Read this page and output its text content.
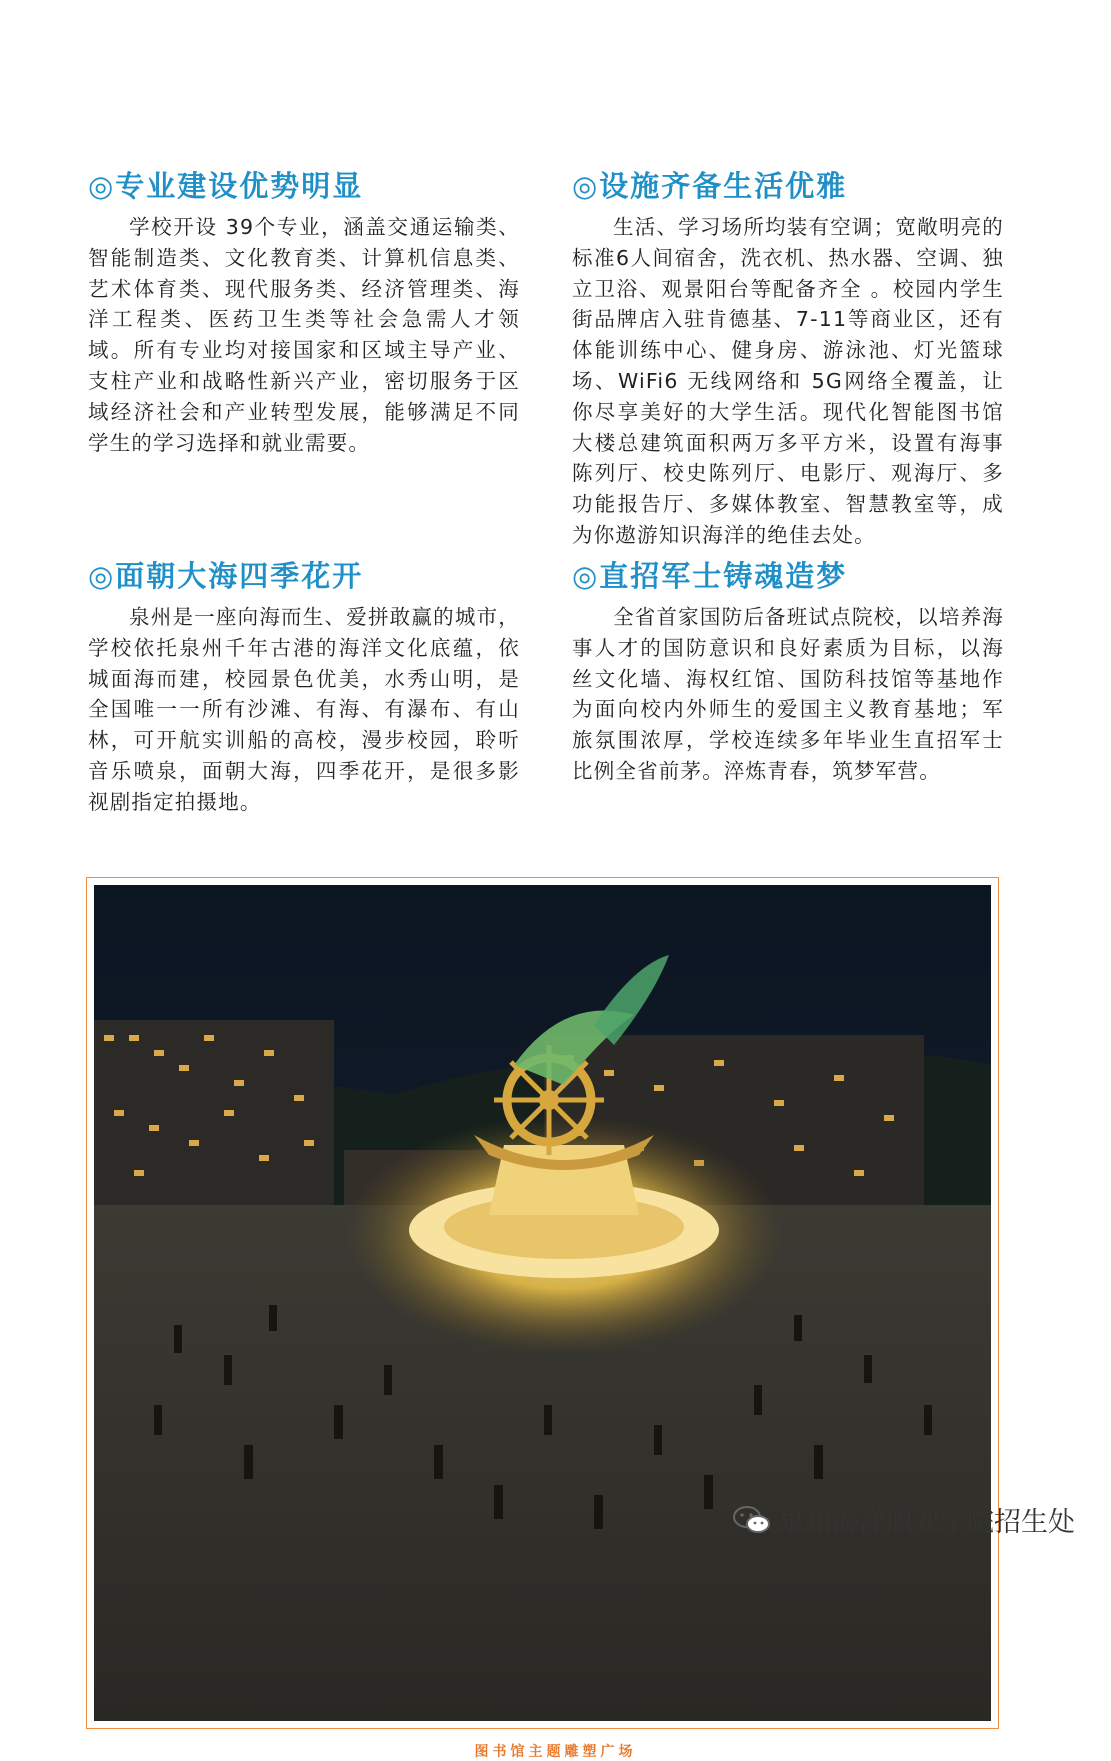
◎专业建设优势明显

学校开设 39个专业，涵盖交通运输类、智能制造类、文化教育类、计算机信息类、艺术体育类、现代服务类、经济管理类、海洋工程类、医药卫生类等社会急需人才领域。所有专业均对接国家和区域主导产业、支柱产业和战略性新兴产业，密切服务于区域经济社会和产业转型发展，能够满足不同学生的学习选择和就业需要。

◎面朝大海四季花开

泉州是一座向海而生、爱拼敢赢的城市，学校依托泉州千年古港的海洋文化底蕴，依城面海而建，校园景色优美，水秀山明，是全国唯一一所有沙滩、有海、有瀑布、有山林，可开航实训船的高校，漫步校园，聆听音乐喷泉，面朝大海，四季花开，是很多影视剧指定拍摄地。

◎设施齐备生活优雅

生活、学习场所均装有空调；宽敞明亮的标准6人间宿舍，洗衣机、热水器、空调、独立卫浴、观景阳台等配备齐全 。校园内学生街品牌店入驻肯德基、7-11等商业区，还有体能训练中心、健身房、游泳池、灯光篮球场、WiFi6 无线网络和 5G网络全覆盖，让你尽享美好的大学生活。现代化智能图书馆大楼总建筑面积两万多平方米，设置有海事陈列厅、校史陈列厅、电影厅、观海厅、多功能报告厅、多媒体教室、智慧教室等，成为你遨游知识海洋的绝佳去处。

◎直招军士铸魂造梦

全省首家国防后备班试点院校，以培养海事人才的国防意识和良好素质为目标，以海丝文化墙、海权红馆、国防科技馆等基地作为面向校内外师生的爱国主义教育基地；军旅氛围浓厚，学校连续多年毕业生直招军士比例全省前茅。淬炼青春，筑梦军营。

图书馆主题雕塑广场
泉州海洋职业学院招生处
